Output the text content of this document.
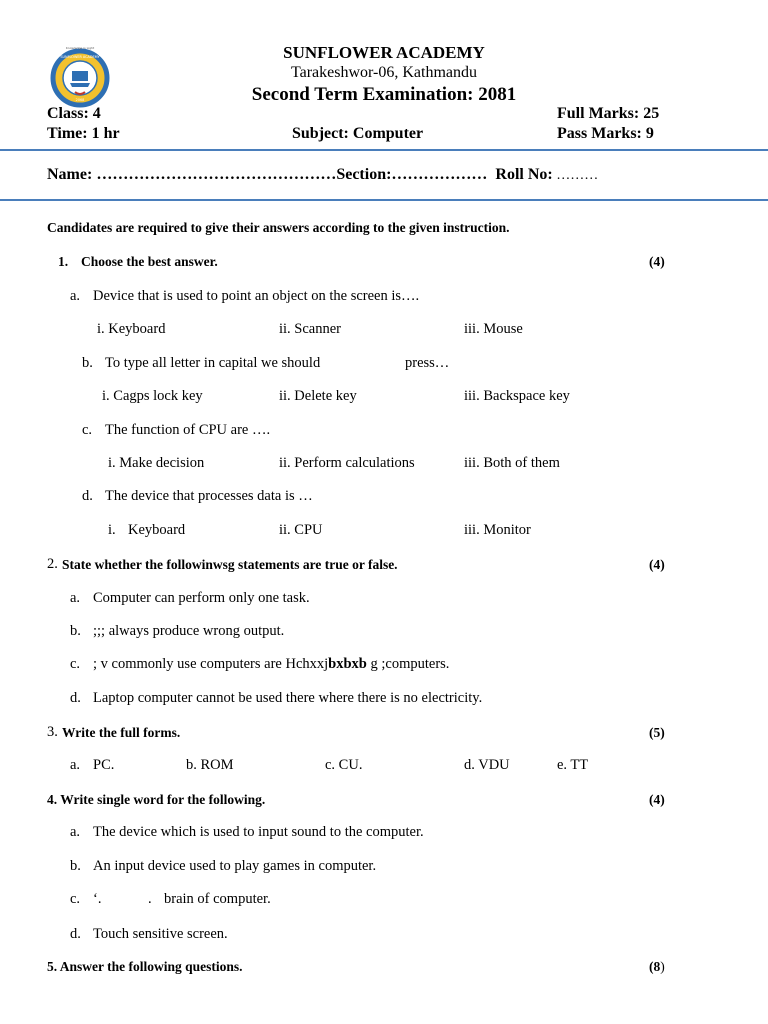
Knowledge is Light
SUNFLOWER ACADEMY
2068
SUNFLOWER ACADEMY
Tarakeshwor-06, Kathmandu
Second Term Examination: 2081
Class: 4	Full Marks: 25
Time: 1 hr	Subject: Computer	Pass Marks: 9
Name: ………………………………………Section:……………… Roll No: ………
Candidates are required to give their answers according to the given instruction.
1. Choose the best answer.	(4)
a. Device that is used to point an object on the screen is….
i. Keyboard	ii. Scanner	iii. Mouse
b. To type all letter in capital we should	press…
i. Cagps lock key	ii. Delete key	iii. Backspace key
c. The function of CPU are ….
i. Make decision	ii. Perform calculations	iii. Both of them
d. The device that processes data is …
i. Keyboard	ii. CPU	iii. Monitor
2. State whether the followinwsg statements are true or false.	(4)
a. Computer can perform only one task.
b. ;;; always produce wrong output.
c. ; v commonly use computers are Hchxxjbxbxb g ;computers.
d. Laptop computer cannot be used there where there is no electricity.
3. Write the full forms.	(5)
a. PC.	b. ROM	c. CU.	d. VDU	e. TT
4. Write single word for the following.	(4)
a. The device which is used to input sound to the computer.
b. An input device used to play games in computer.
c. ‘.	. brain of computer.
d. Touch sensitive screen.
5. Answer the following questions.	(8)
